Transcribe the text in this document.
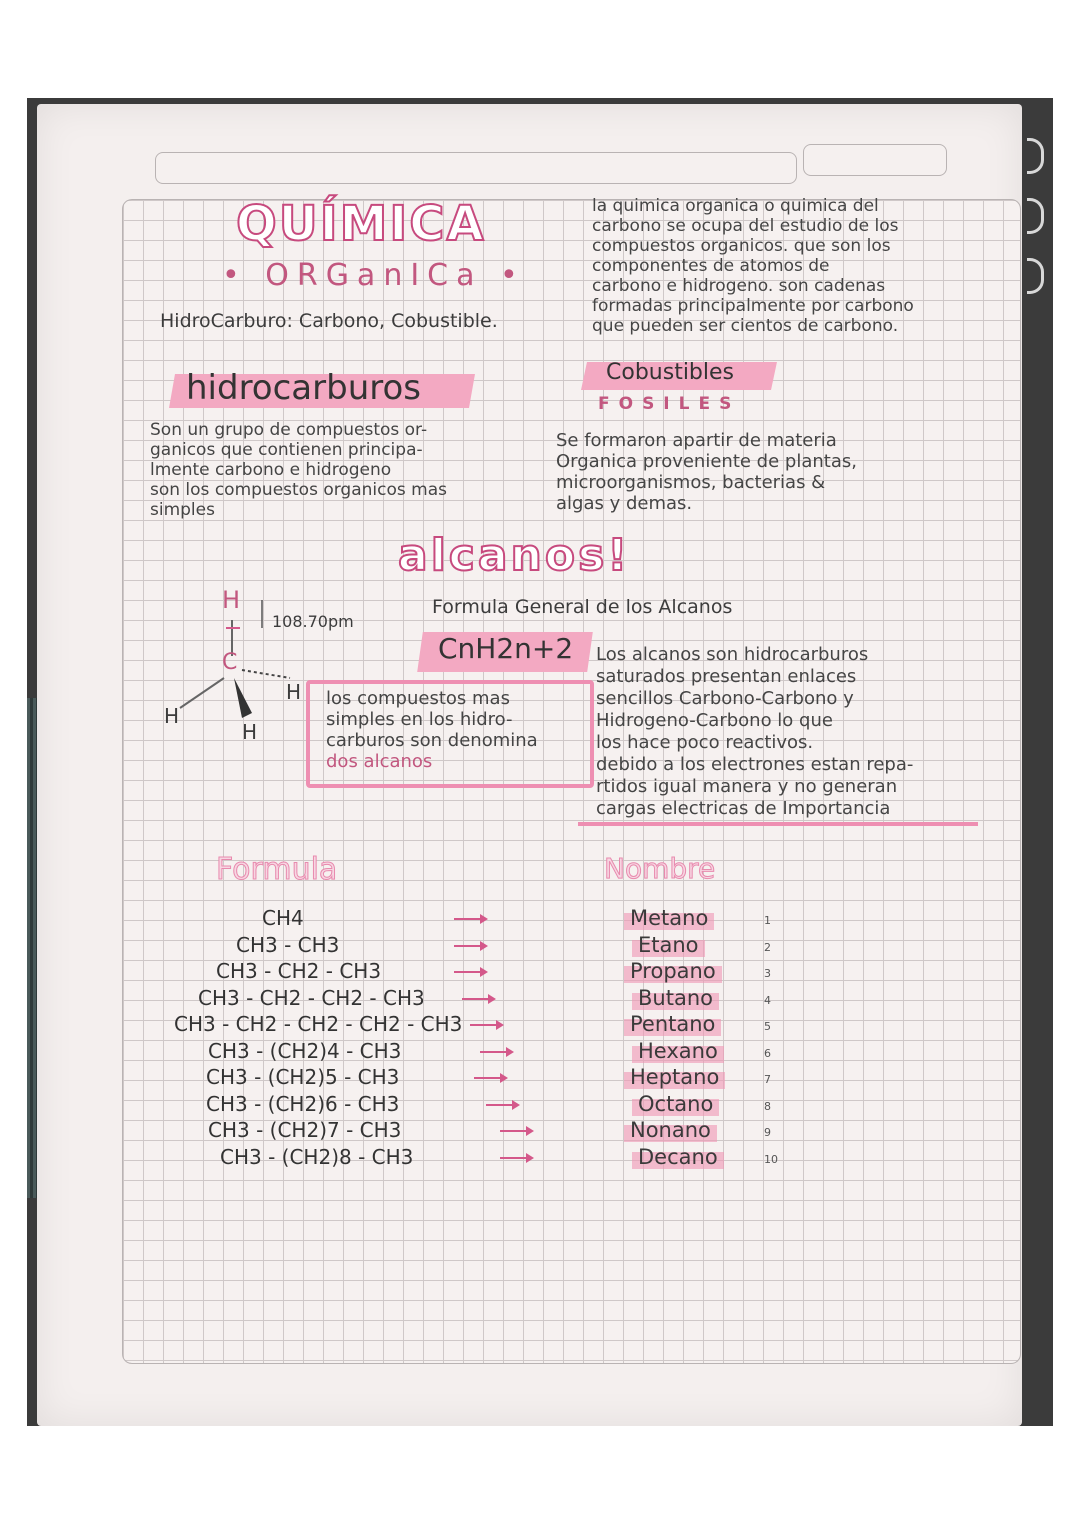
QUÍMICA
• ORGanICa •
HidroCarburo: Carbono, Cobustible.
la quimica organica o quimica del
carbono se ocupa del estudio de los
compuestos organicos. que son los
componentes de atomos de
carbono e hidrogeno. son cadenas
formadas principalmente por carbono
que pueden ser cientos de carbono.
hidrocarburos
Son un grupo de compuestos or-
ganicos que contienen principa-
lmente carbono e hidrogeno
son los compuestos organicos mas
simples
Cobustibles
FOSILES
Se formaron apartir de materia
Organica proveniente de plantas,
microorganismos, bacterias &
algas y demas.
alcanos!
H
C
H
H
H
108.70pm
Formula General de los Alcanos
CnH2n+2
los compuestos mas
simples en los hidro-
carburos son denomina
dos alcanos
Los alcanos son hidrocarburos
saturados presentan enlaces
sencillos Carbono-Carbono y
Hidrogeno-Carbono lo que
los hace poco reactivos.
debido a los electrones estan repa-
rtidos igual manera y no generan
cargas electricas de Importancia
Formula	Nombre
CH4	Metano	1
CH3 - CH3	Etano	2
CH3 - CH2 - CH3	Propano	3
CH3 - CH2 - CH2 - CH3	Butano	4
CH3 - CH2 - CH2 - CH2 - CH3	Pentano	5
CH3 - (CH2)4 - CH3	Hexano	6
CH3 - (CH2)5 - CH3	Heptano	7
CH3 - (CH2)6 - CH3	Octano	8
CH3 - (CH2)7 - CH3	Nonano	9
CH3 - (CH2)8 - CH3	Decano	10
